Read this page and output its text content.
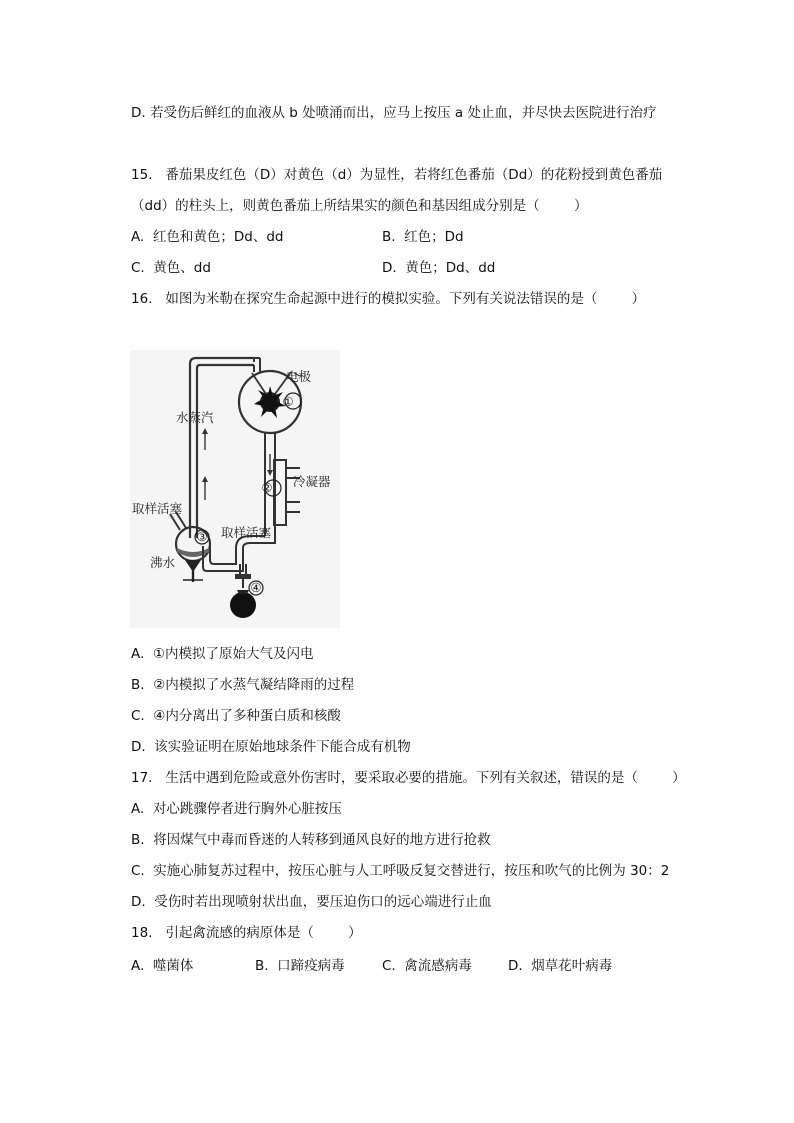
D. 若受伤后鲜红的血液从 b 处喷涌而出，应马上按压 a 处止血，并尽快去医院进行治疗
15.   番茄果皮红色（D）对黄色（d）为显性，若将红色番茄（Dd）的花粉授到黄色番茄
（dd）的柱头上，则黄色番茄上所结果实的颜色和基因组成分别是（        ）
A.  红色和黄色；Dd、dd	B.  红色；Dd
C.  黄色、dd	D.  黄色；Dd、dd
16.   如图为米勒在探究生命起源中进行的模拟实验。下列有关说法错误的是（        ）
电极
①
水蒸汽
冷凝器
②
取样活塞
取样活塞
③
沸水
④
A.  ①内模拟了原始大气及闪电
B.  ②内模拟了水蒸气凝结降雨的过程
C.  ④内分离出了多种蛋白质和核酸
D.  该实验证明在原始地球条件下能合成有机物
17.   生活中遇到危险或意外伤害时，要采取必要的措施。下列有关叙述，错误的是（        ）
A.  对心跳骤停者进行胸外心脏按压
B.  将因煤气中毒而昏迷的人转移到通风良好的地方进行抢救
C.  实施心肺复苏过程中，按压心脏与人工呼吸反复交替进行，按压和吹气的比例为 30：2
D.  受伤时若出现喷射状出血，要压迫伤口的远心端进行止血
18.   引起禽流感的病原体是（        ）
A.  噬菌体	B.  口蹄疫病毒	C.  禽流感病毒	D.  烟草花叶病毒
